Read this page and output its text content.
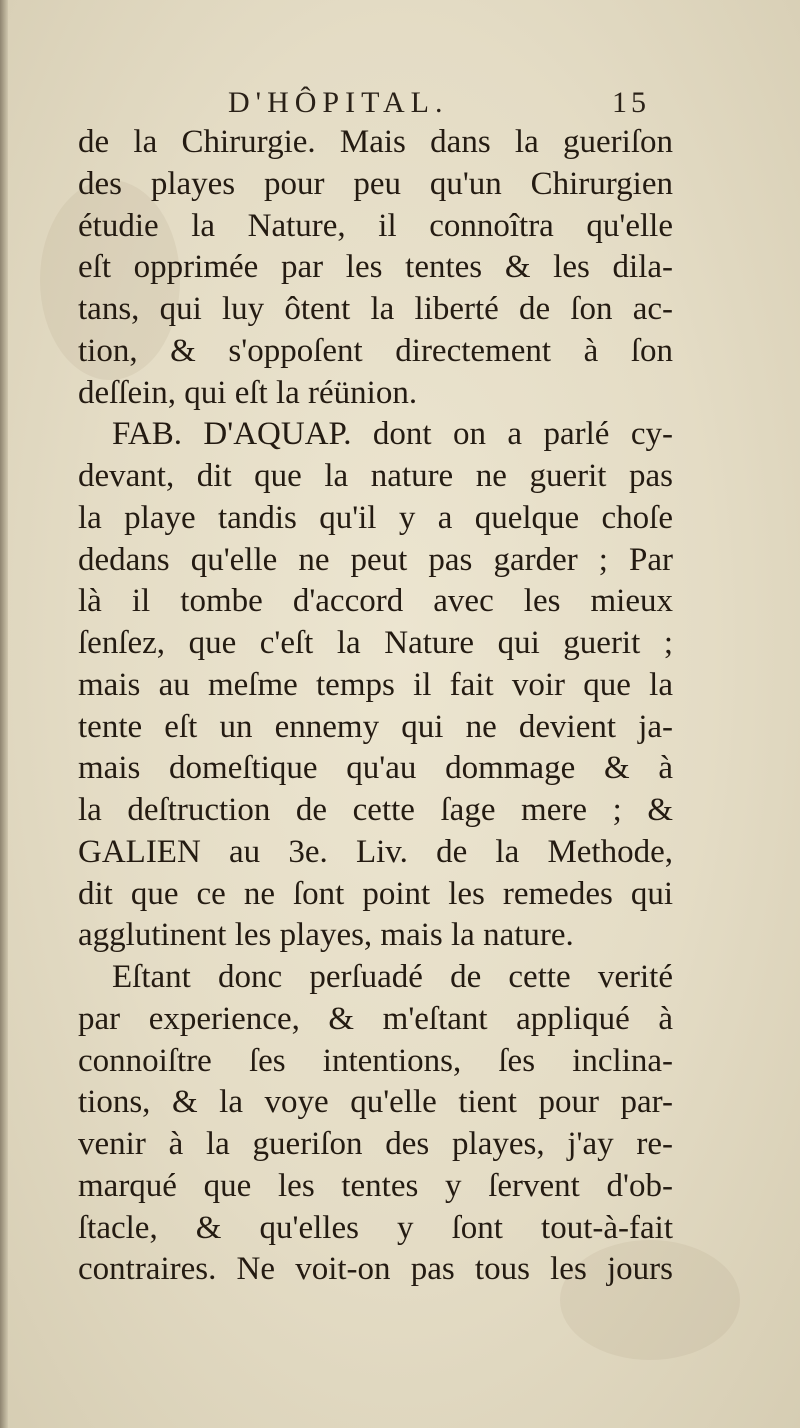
D'HÔPITAL.	15
de la Chirurgie. Mais dans la gueriſon
des playes pour peu qu'un Chirurgien
étudie la Nature, il connoîtra qu'elle
eſt opprimée par les tentes & les dila-
tans, qui luy ôtent la liberté de ſon ac-
tion, & s'oppoſent directement à ſon
deſſein, qui eſt la réünion.
FAB. D'AQUAP. dont on a parlé cy-
devant, dit que la nature ne guerit pas
la playe tandis qu'il y a quelque choſe
dedans qu'elle ne peut pas garder ; Par
là il tombe d'accord avec les mieux
ſenſez, que c'eſt la Nature qui guerit ;
mais au meſme temps il fait voir que la
tente eſt un ennemy qui ne devient ja-
mais domeſtique qu'au dommage & à
la deſtruction de cette ſage mere ; &
GALIEN au 3e. Liv. de la Methode,
dit que ce ne ſont point les remedes qui
agglutinent les playes, mais la nature.
Eſtant donc perſuadé de cette verité
par experience, & m'eſtant appliqué à
connoiſtre ſes intentions, ſes inclina-
tions, & la voye qu'elle tient pour par-
venir à la gueriſon des playes, j'ay re-
marqué que les tentes y ſervent d'ob-
ſtacle, & qu'elles y ſont tout-à-fait
contraires. Ne voit-on pas tous les jours
